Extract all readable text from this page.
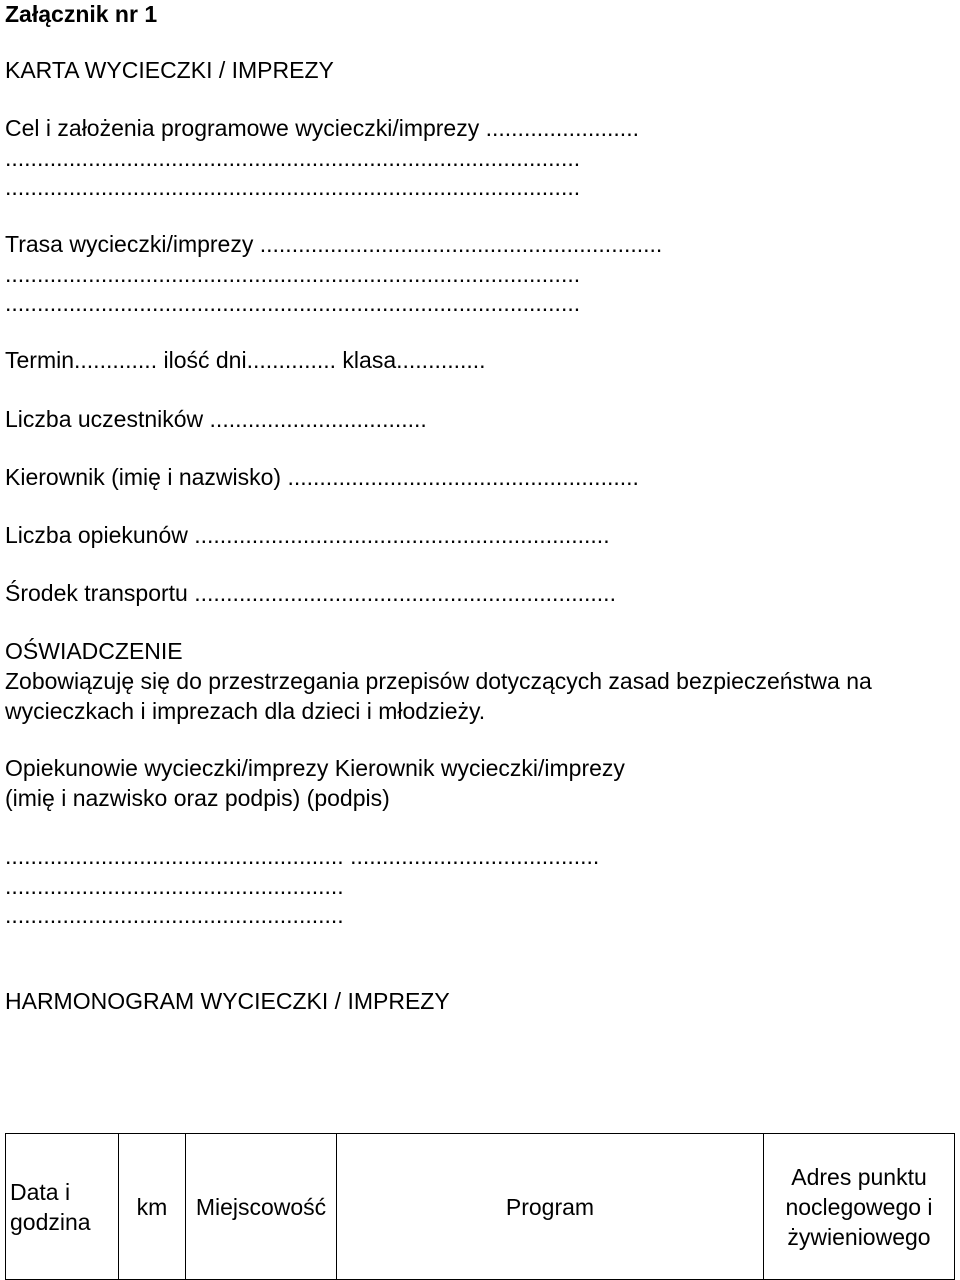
Załącznik nr 1
KARTA WYCIECZKI / IMPREZY
Cel i założenia programowe wycieczki/imprezy ........................
..........................................................................................
..........................................................................................
Trasa wycieczki/imprezy ...............................................................
..........................................................................................
..........................................................................................
Termin............. ilość dni.............. klasa..............
Liczba uczestników ..................................
Kierownik (imię i nazwisko) .......................................................
Liczba opiekunów .................................................................
Środek transportu ..................................................................
OŚWIADCZENIE
Zobowiązuję się do przestrzegania przepisów dotyczących zasad bezpieczeństwa na
wycieczkach i imprezach dla dzieci i młodzieży.
Opiekunowie wycieczki/imprezy Kierownik wycieczki/imprezy
(imię i nazwisko oraz podpis) (podpis)
..................................................... .......................................
.....................................................
.....................................................
HARMONOGRAM WYCIECZKI / IMPREZY
Data i godzina	km	Miejscowość	Program	Adres punktu noclegowego i żywieniowego
